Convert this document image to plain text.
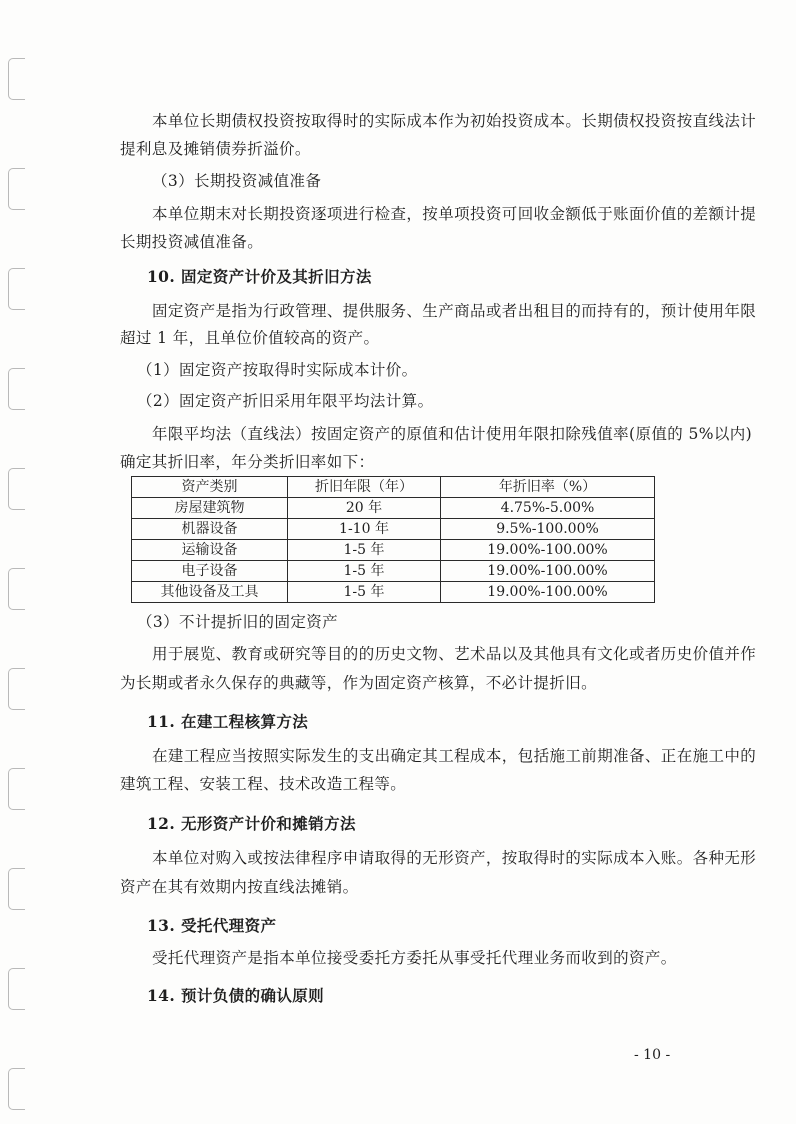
本单位长期债权投资按取得时的实际成本作为初始投资成本。长期债权投资按直线法计
提利息及摊销债券折溢价。
（3）长期投资减值准备
本单位期末对长期投资逐项进行检查，按单项投资可回收金额低于账面价值的差额计提
长期投资减值准备。
10. 固定资产计价及其折旧方法
固定资产是指为行政管理、提供服务、生产商品或者出租目的而持有的，预计使用年限
超过 1 年，且单位价值较高的资产。
（1）固定资产按取得时实际成本计价。
（2）固定资产折旧采用年限平均法计算。
年限平均法（直线法）按固定资产的原值和估计使用年限扣除残值率(原值的 5%以内)
确定其折旧率，年分类折旧率如下：
资产类别	折旧年限（年）	年折旧率（%）
房屋建筑物	20 年	4.75%-5.00%
机器设备	1-10 年	9.5%-100.00%
运输设备	1-5 年	19.00%-100.00%
电子设备	1-5 年	19.00%-100.00%
其他设备及工具	1-5 年	19.00%-100.00%
（3）不计提折旧的固定资产
用于展览、教育或研究等目的的历史文物、艺术品以及其他具有文化或者历史价值并作
为长期或者永久保存的典藏等，作为固定资产核算，不必计提折旧。
11. 在建工程核算方法
在建工程应当按照实际发生的支出确定其工程成本，包括施工前期准备、正在施工中的
建筑工程、安装工程、技术改造工程等。
12. 无形资产计价和摊销方法
本单位对购入或按法律程序申请取得的无形资产，按取得时的实际成本入账。各种无形
资产在其有效期内按直线法摊销。
13. 受托代理资产
受托代理资产是指本单位接受委托方委托从事受托代理业务而收到的资产。
14. 预计负债的确认原则
- 10 -
